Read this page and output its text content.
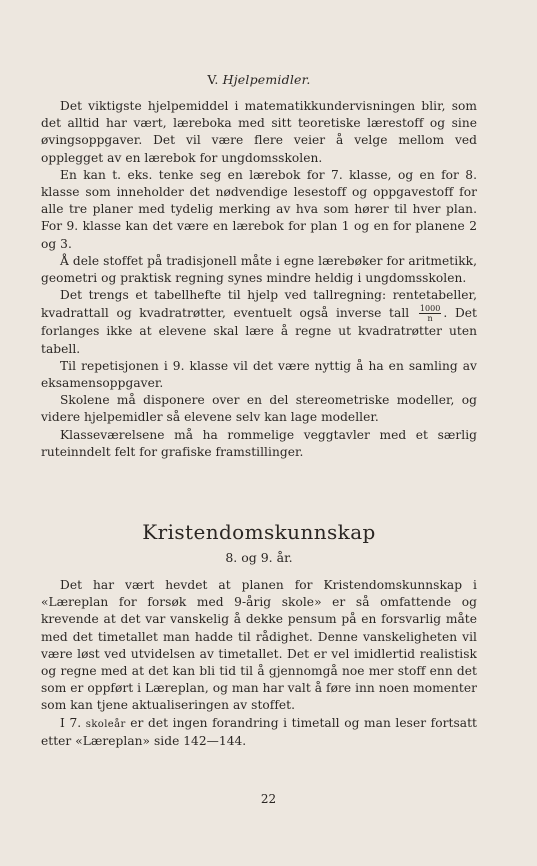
V. Hjelpemidler.

Det viktigste hjelpemiddel i matematikkundervisningen blir, som det alltid har vært, læreboka med sitt teoretiske lærestoff og sine øvingsoppgaver. Det vil være flere veier å velge mellom ved opplegget av en lærebok for ungdomsskolen.

En kan t. eks. tenke seg en lærebok for 7. klasse, og en for 8. klasse som inneholder det nødvendige lesestoff og oppgavestoff for alle tre planer med tydelig merking av hva som hører til hver plan. For 9. klasse kan det være en lærebok for plan 1 og en for planene 2 og 3.

Å dele stoffet på tradisjonell måte i egne lærebøker for aritmetikk, geometri og praktisk regning synes mindre heldig i ungdomsskolen.

Det trengs et tabellhefte til hjelp ved tallregning: rentetabeller, kvadrattall og kvadratrøtter, eventuelt også inverse tall $\frac{1000}{n}$ . Det forlanges ikke at elevene skal lære å regne ut kvadratrøtter uten tabell.

Til repetisjonen i 9. klasse vil det være nyttig å ha en samling av eksamensoppgaver.

Skolene må disponere over en del stereometriske modeller, og videre hjelpemidler så elevene selv kan lage modeller.

Klasseværelsene må ha rommelige veggtavler med et særlig ruteinndelt felt for grafiske framstillinger.

Kristendomskunnskap
8. og 9. år.

Det har vært hevdet at planen for Kristendomskunnskap i «Læreplan for forsøk med 9-årig skole» er så omfattende og krevende at det var vanskelig å dekke pensum på en forsvarlig måte med det timetallet man hadde til rådighet. Denne vanskeligheten vil være løst ved utvidelsen av timetallet. Det er vel imidlertid realistisk og regne med at det kan bli tid til å gjennomgå noe mer stoff enn det som er oppført i Læreplan, og man har valt å føre inn noen momenter som kan tjene aktualiseringen av stoffet.

I 7. skoleår er det ingen forandring i timetall og man leser fortsatt etter «Læreplan» side 142—144.

22
